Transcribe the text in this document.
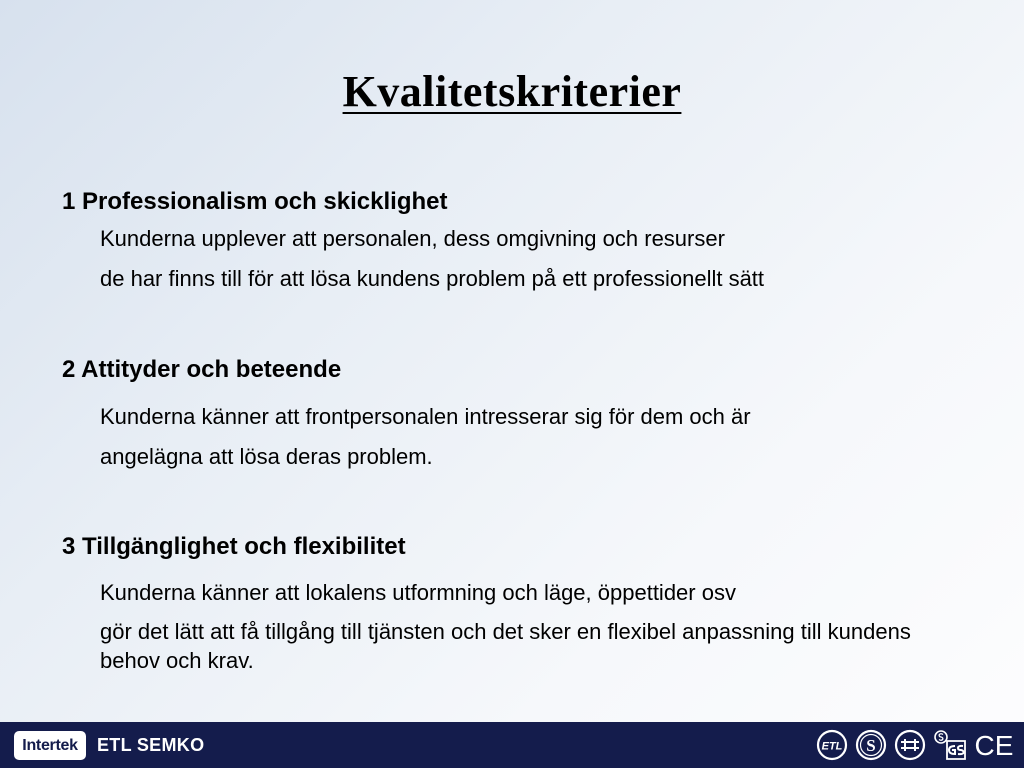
Kvalitetskriterier
1 Professionalism och skicklighet

Kunderna upplever att personalen, dess omgivning och resurser

de har finns till för att lösa kundens problem på ett professionellt sätt

2 Attityder och beteende

Kunderna känner att frontpersonalen intresserar sig för dem och är

angelägna att lösa deras problem.

3 Tillgänglighet och flexibilitet

Kunderna känner att lokalens utformning och läge, öppettider osv

gör det lätt att få tillgång till tjänsten och det sker en flexibel anpassning till kundens behov och krav.

Intertek ETL SEMKO	ETL S	CE
